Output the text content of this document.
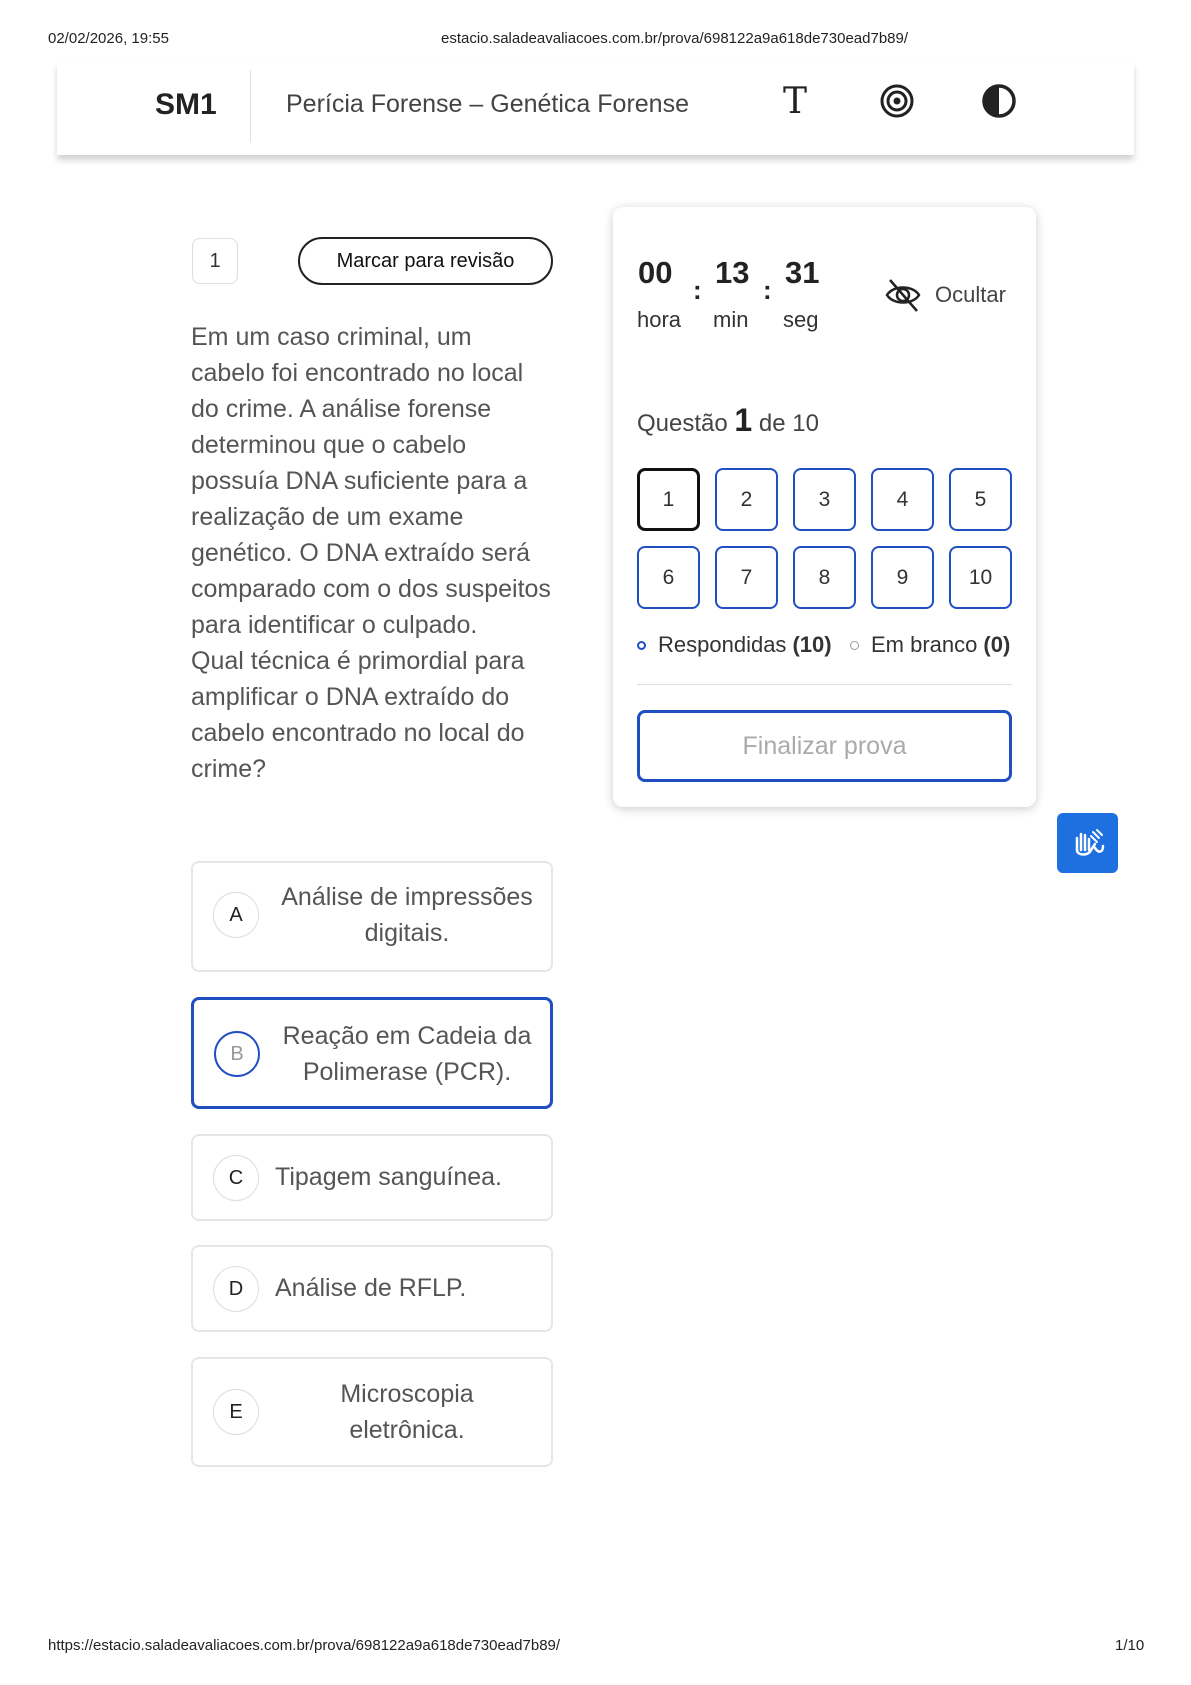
02/02/2026, 19:55	estacio.saladeavaliacoes.com.br/prova/698122a9a618de730ead7b89/
https://estacio.saladeavaliacoes.com.br/prova/698122a9a618de730ead7b89/	1/10
SM1	Perícia Forense – Genética Forense	T
1	Marcar para revisão

Em um caso criminal, um cabelo foi encontrado no local do crime. A análise forense determinou que o cabelo possuía DNA suficiente para a realização de um exame genético. O DNA extraído será comparado com o dos suspeitos para identificar o culpado.

Qual técnica é primordial para amplificar o DNA extraído do cabelo encontrado no local do crime?

A
Análise de impressões digitais.
B
Reação em Cadeia da Polimerase (PCR).
C	Tipagem sanguínea.
D	Análise de RFLP.
E
Microscopia eletrônica.
00 : 13 : 31
hora min seg
Ocultar
Questão 1 de 10
1	2	3	4	5
6	7	8	9	10
Respondidas (10) Em branco (0)
Finalizar prova
